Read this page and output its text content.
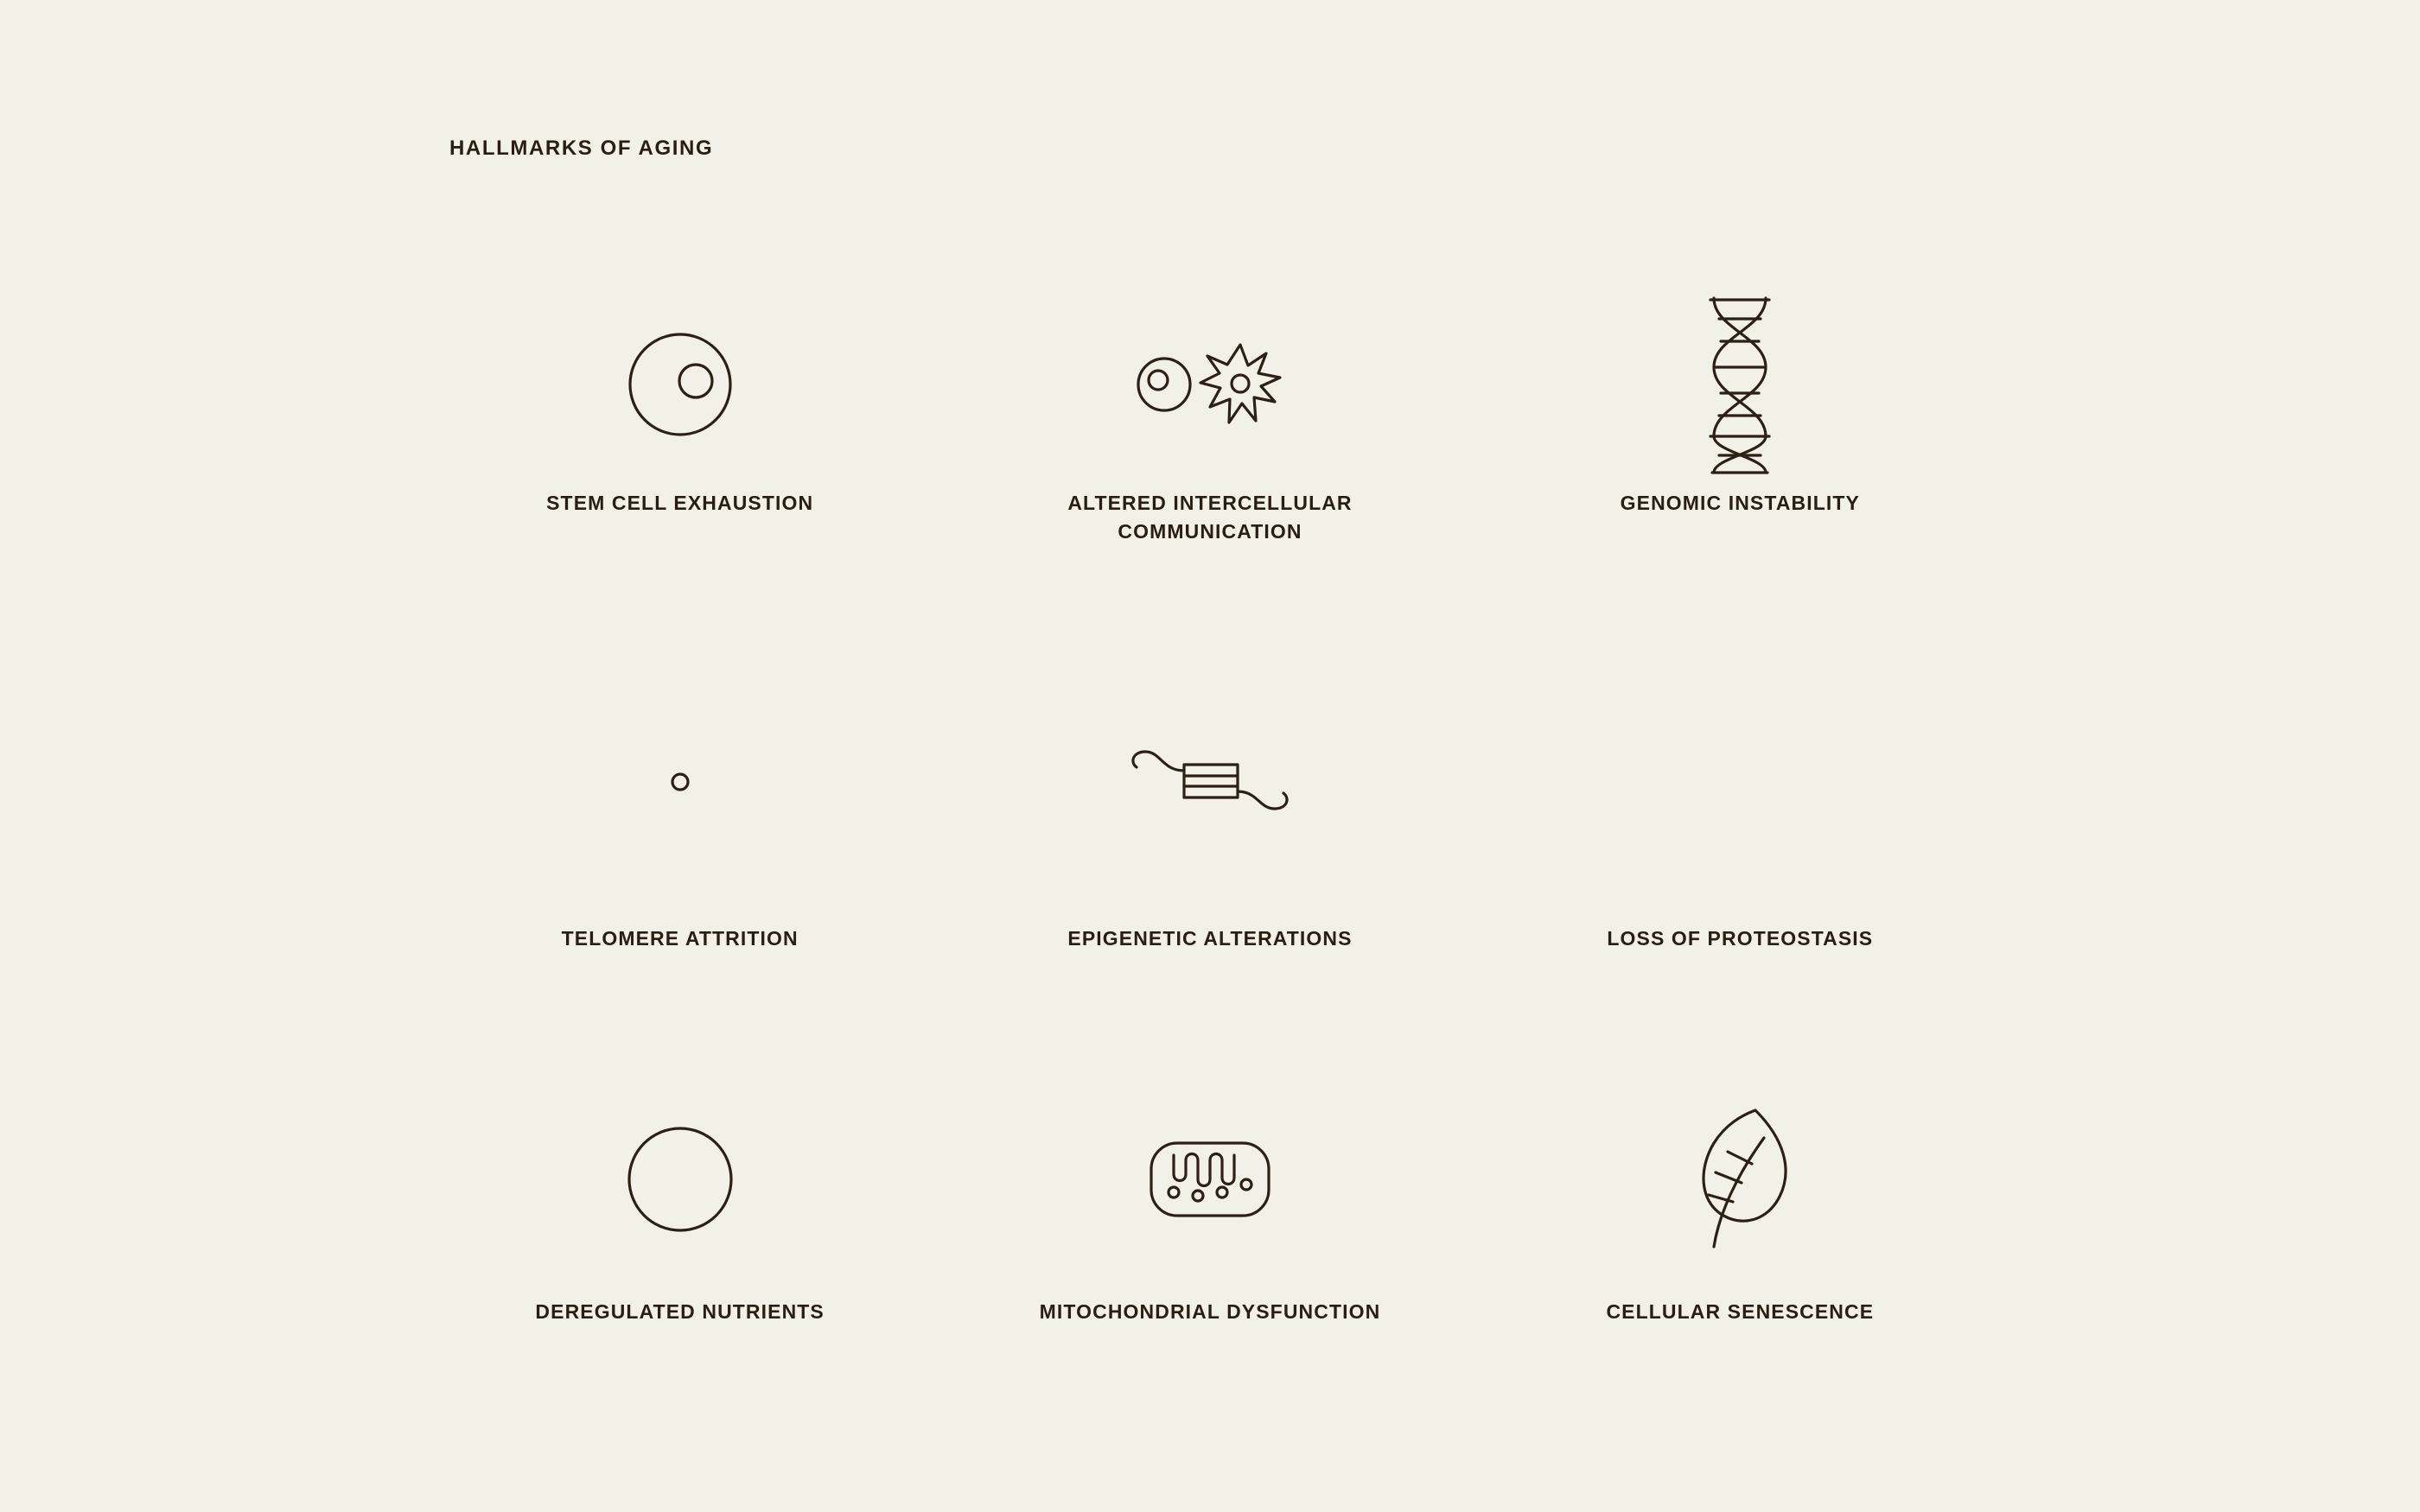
HALLMARKS OF AGING
STEM CELL EXHAUSTION	ALTERED INTERCELLULAR COMMUNICATION
GENOMIC INSTABILITY
TELOMERE ATTRITION	EPIGENETIC ALTERATIONS	LOSS OF PROTEOSTASIS
DEREGULATED NUTRIENTS	MITOCHONDRIAL DYSFUNCTION	CELLULAR SENESCENCE
